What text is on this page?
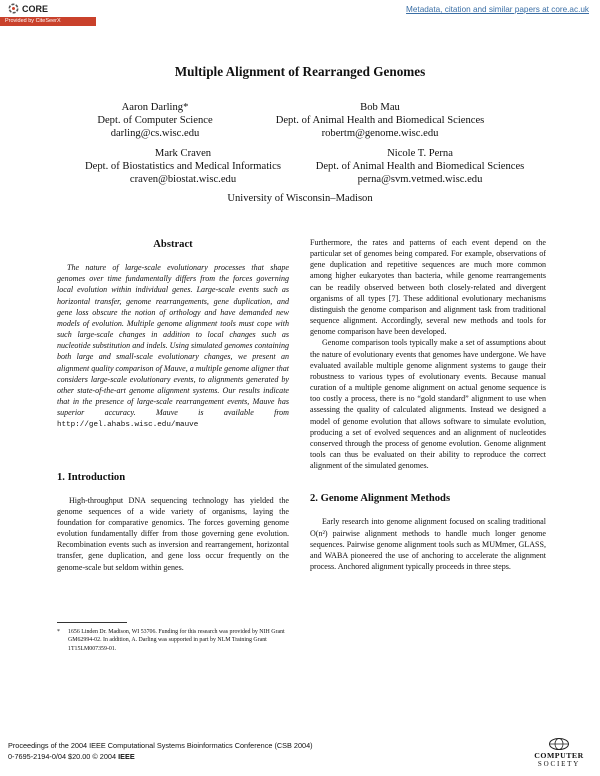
CORE
Provided by CiteSeerX
Metadata, citation and similar papers at core.ac.uk
Multiple Alignment of Rearranged Genomes
Aaron Darling*
Dept. of Computer Science
darling@cs.wisc.edu
Bob Mau
Dept. of Animal Health and Biomedical Sciences
robertm@genome.wisc.edu
Mark Craven
Dept. of Biostatistics and Medical Informatics
craven@biostat.wisc.edu
Nicole T. Perna
Dept. of Animal Health and Biomedical Sciences
perna@svm.vetmed.wisc.edu
University of Wisconsin–Madison
Abstract

The nature of large-scale evolutionary processes that shape genomes over time fundamentally differs from the forces governing local evolution within individual genes. Large-scale events such as horizontal transfer, genome rearrangements, gene duplication, and gene loss obscure the notion of orthology and have demanded new models of evolution. Multiple genome alignment tools must cope with such large-scale changes in addition to local changes such as nucleotide substitution and indels. Using simulated genomes containing both large and small-scale evolutionary changes, we present an alignment quality comparison of Mauve, a multiple genome aligner that considers large-scale evolutionary events, to alignments generated by other state-of-the-art genome alignment systems. Our results indicate that in the presence of large-scale rearrangement events, Mauve has superior accuracy. Mauve is available from http://gel.ahabs.wisc.edu/mauve

1. Introduction

High-throughput DNA sequencing technology has yielded the genome sequences of a wide variety of organisms, laying the foundation for comparative genomics. The forces governing genome evolution fundamentally differ from those governing gene evolution. Recombination events such as inversion and rearrangement, horizontal transfer, gene duplication, and gene loss occur frequently on the genome-scale but seldom within genes.

*	1656 Linden Dr. Madison, WI 53706. Funding for this research was provided by NIH Grant GM62994-02. In addition, A. Darling was supported in part by NLM Training Grant 1T15LM007359-01.

Furthermore, the rates and patterns of each event depend on the particular set of genomes being compared. For example, observations of gene duplication and repetitive sequences are much more common among higher eukaryotes than bacteria, while genome rearrangements can be readily observed between both closely-related and divergent organisms of all types [7]. These additional evolutionary mechanisms distinguish the genome comparison and alignment task from traditional sequence alignment. Accordingly, several new methods and tools for genome comparison have been developed.

Genome comparison tools typically make a set of assumptions about the nature of evolutionary events that genomes have undergone. We have evaluated available multiple genome alignment systems to gauge their robustness to various types of evolutionary events. Because manual curation of a multiple genome alignment on actual genome sequence is too costly a process, there is no “gold standard” alignment to use when assessing the quality of calculated alignments. Instead we designed a model of genome evolution that allows software to simulate evolution, producing a set of evolved sequences and an alignment of nucleotides conserved through the process of genome evolution. Genome alignment tools can thus be evaluated on their ability to reproduce the correct alignment of the simulated genomes.

2. Genome Alignment Methods

Early research into genome alignment focused on scaling traditional O(n²) pairwise alignment methods to handle much longer genome sequences. Pairwise genome alignment tools such as MUMmer, GLASS, and WABA pioneered the use of anchoring to accelerate the alignment process. Anchored alignment typically proceeds in three steps.

Proceedings of the 2004 IEEE Computational Systems Bioinformatics Conference (CSB 2004)
0-7695-2194-0/04 $20.00 © 2004 IEEE	COMPUTER
SOCIETY
